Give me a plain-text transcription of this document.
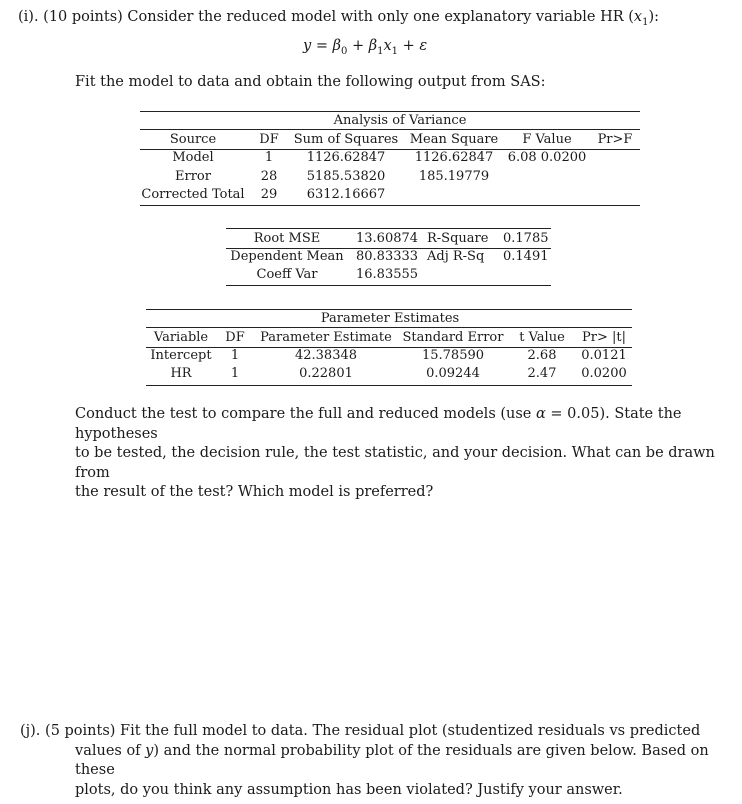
(i). (10 points) Consider the reduced model with only one explanatory variable HR $(x_1)$:
$y = \beta_0 + \beta_1x_1 + \varepsilon$
Fit the model to data and obtain the following output from SAS:
Analysis of Variance
Source	DF	Sum of Squares Mean Square	F Value	Pr>F
Model	1	1126.62847	1126.62847	6.08 0.0200
Error	28	5185.53820	185.19779
Corrected Total	29	6312.16667
Root MSE	13.60874 R-Square 0.1785
Dependent Mean 80.83333 Adj R-Sq 0.1491
Coeff Var	16.83555
Parameter Estimates
Variable	DF	Parameter Estimate Standard Error	t Value	Pr> |t|
Intercept	1	42.38348	15.78590	2.68	0.0121
HR	1	0.22801	0.09244	2.47	0.0200
Conduct the test to compare the full and reduced models (use α = 0.05). State the hypotheses
to be tested, the decision rule, the test statistic, and your decision. What can be drawn from
the result of the test? Which model is preferred?
(j). (5 points) Fit the full model to data. The residual plot (studentized residuals vs predicted
values of y) and the normal probability plot of the residuals are given below. Based on these
plots, do you think any assumption has been violated? Justify your answer.
